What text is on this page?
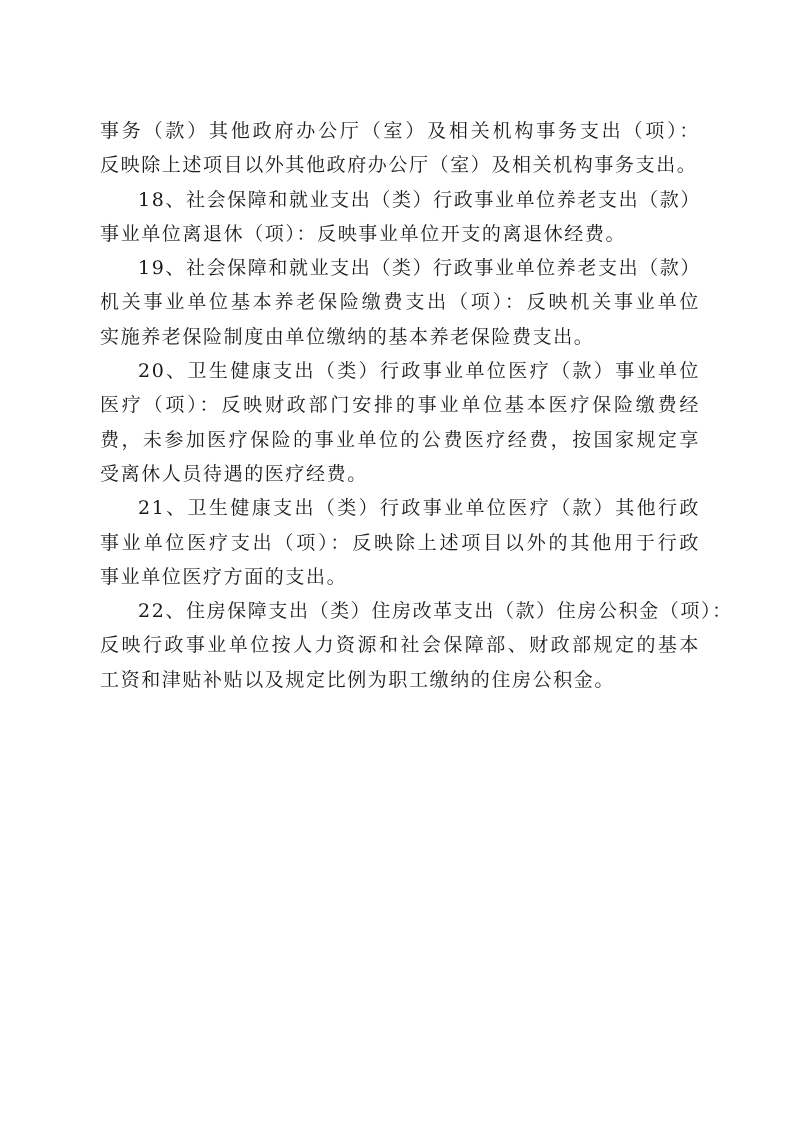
事务（款）其他政府办公厅（室）及相关机构事务支出（项）：
反映除上述项目以外其他政府办公厅（室）及相关机构事务支出。

18、社会保障和就业支出（类）行政事业单位养老支出（款）
事业单位离退休（项）：反映事业单位开支的离退休经费。

19、社会保障和就业支出（类）行政事业单位养老支出（款）
机关事业单位基本养老保险缴费支出（项）：反映机关事业单位
实施养老保险制度由单位缴纳的基本养老保险费支出。

20、卫生健康支出（类）行政事业单位医疗（款）事业单位
医疗（项）：反映财政部门安排的事业单位基本医疗保险缴费经
费，未参加医疗保险的事业单位的公费医疗经费，按国家规定享
受离休人员待遇的医疗经费。

21、卫生健康支出（类）行政事业单位医疗（款）其他行政
事业单位医疗支出（项）：反映除上述项目以外的其他用于行政
事业单位医疗方面的支出。

22、住房保障支出（类）住房改革支出（款）住房公积金（项）：
反映行政事业单位按人力资源和社会保障部、财政部规定的基本
工资和津贴补贴以及规定比例为职工缴纳的住房公积金。
